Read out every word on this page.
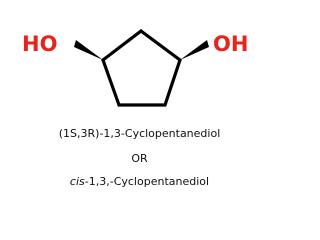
HO	OH
(1S,3R)-1,3-Cyclopentanediol
OR
cis-1,3,-Cyclopentanediol
